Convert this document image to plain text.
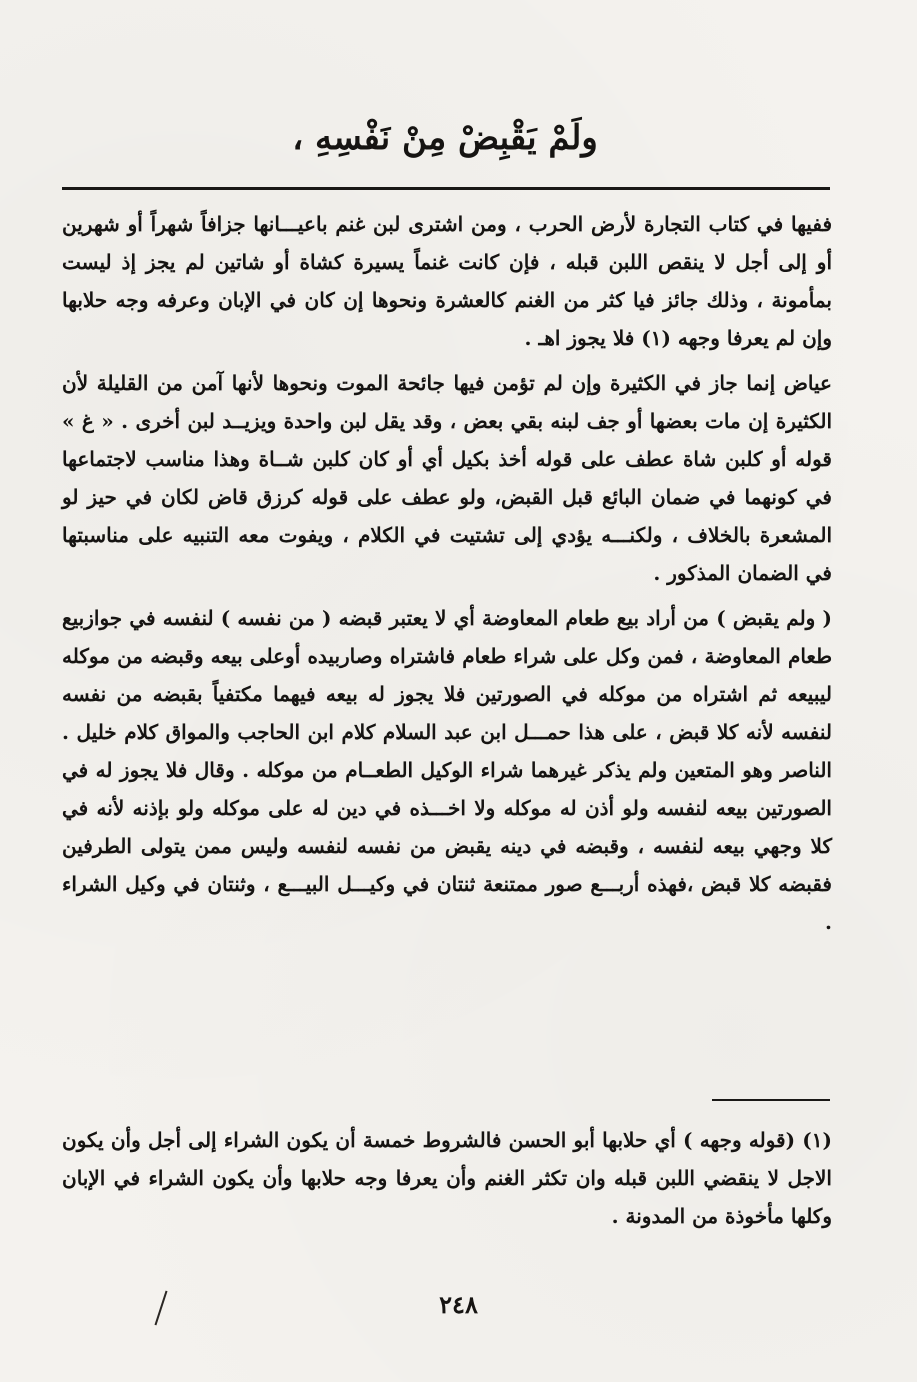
ولَمْ يَقْبِضْ مِنْ نَفْسِهِ ،

ففيها في كتاب التجارة لأرض الحرب ، ومن اشترى لبن غنم باعيـــانها جزافاً شهراً أو شهرين أو إلى أجل لا ينقص اللبن قبله ، فإن كانت غنماً يسيرة كشاة أو شاتين لم يجز إذ ليست بمأمونة ، وذلك جائز فيا كثر من الغنم كالعشرة ونحوها إن كان في الإبان وعرفه وجه حلابها وإن لم يعرفا وجهه (١) فلا يجوز اهـ .

عياض إنما جاز في الكثيرة وإن لم تؤمن فيها جائحة الموت ونحوها لأنها آمن من القليلة لأن الكثيرة إن مات بعضها أو جف لبنه بقي بعض ، وقد يقل لبن واحدة ويزيــد لبن أخرى . « غ » قوله أو كلبن شاة عطف على قوله أخذ بكيل أي أو كان كلبن شــاة وهذا مناسب لاجتماعها في كونهما في ضمان البائع قبل القبض، ولو عطف على قوله كرزق قاض لكان في حيز لو المشعرة بالخلاف ، ولكنـــه يؤدي إلى تشتيت في الكلام ، ويفوت معه التنبيه على مناسبتها في الضمان المذكور .

( ولم يقبض ) من أراد بيع طعام المعاوضة أي لا يعتبر قبضه ( من نفسه ) لنفسه في جوازبيع طعام المعاوضة ، فمن وكل على شراء طعام فاشتراه وصاربيده أوعلى بيعه وقبضه من موكله ليبيعه ثم اشتراه من موكله في الصورتين فلا يجوز له بيعه فيهما مكتفياً بقبضه من نفسه لنفسه لأنه كلا قبض ، على هذا حمـــل ابن عبد السلام كلام ابن الحاجب والمواق كلام خليل . الناصر وهو المتعين ولم يذكر غيرهما شراء الوكيل الطعــام من موكله . وقال فلا يجوز له في الصورتين بيعه لنفسه ولو أذن له موكله ولا اخـــذه في دين له على موكله ولو بإذنه لأنه في كلا وجهي بيعه لنفسه ، وقبضه في دينه يقبض من نفسه لنفسه وليس ممن يتولى الطرفين فقبضه كلا قبض ،فهذه أربـــع صور ممتنعة ثنتان في وكيـــل البيـــع ، وثنتان في وكيل الشراء .

(١) (قوله وجهه ) أي حلابها أبو الحسن فالشروط خمسة أن يكون الشراء إلى أجل وأن يكون الاجل لا ينقضي اللبن قبله وان تكثر الغنم وأن يعرفا وجه حلابها وأن يكون الشراء في الإبان وكلها مأخوذة من المدونة .

٢٤٨
